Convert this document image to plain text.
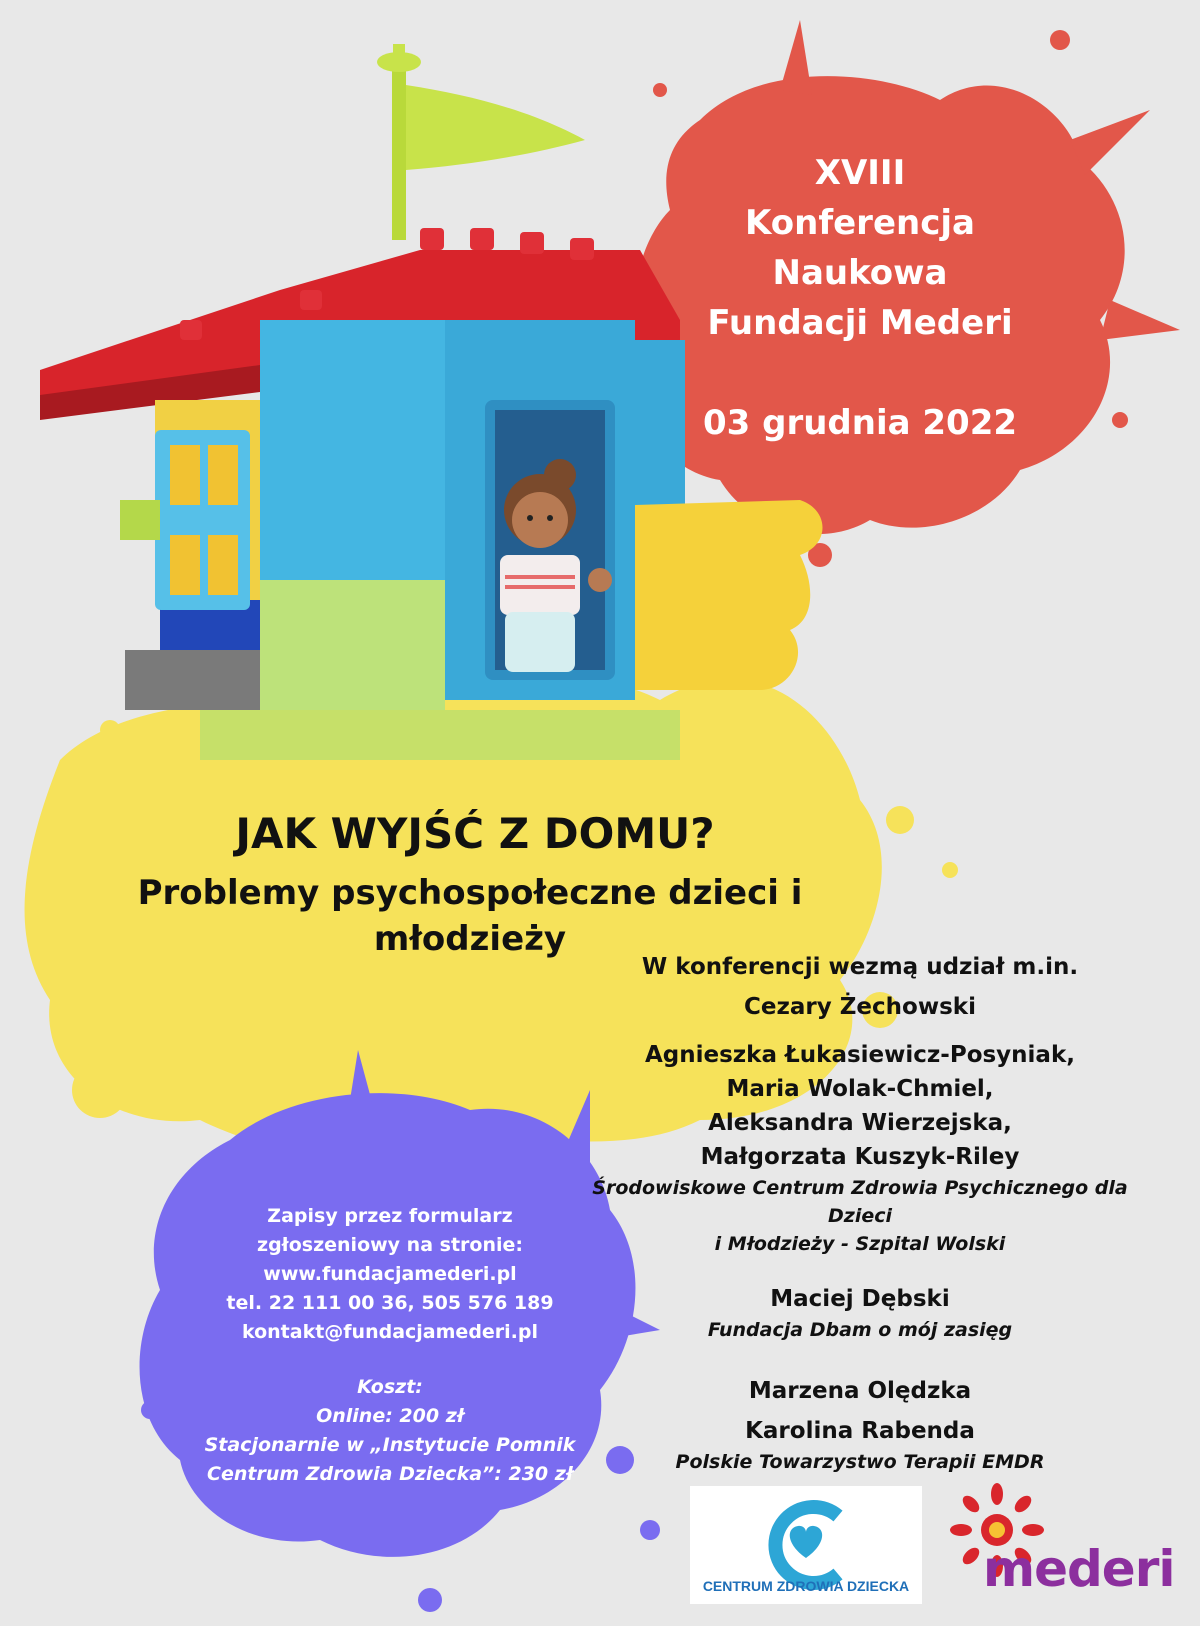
XVIII
Konferencja Naukowa
Fundacji Mederi
03 grudnia 2022
JAK WYJŚĆ Z DOMU?
Problemy psychospołeczne dzieci i młodzieży
W konferencji wezmą udział m.in.
Cezary Żechowski
Agnieszka Łukasiewicz-Posyniak,
Maria Wolak-Chmiel,
Aleksandra Wierzejska,
Małgorzata Kuszyk-Riley
Środowiskowe Centrum Zdrowia Psychicznego dla Dzieci
i Młodzieży - Szpital Wolski
Maciej Dębski
Fundacja Dbam o mój zasięg
Marzena Olędzka
Karolina Rabenda
Polskie Towarzystwo Terapii EMDR
Zapisy przez formularz
zgłoszeniowy na stronie:
www.fundacjamederi.pl
tel. 22 111 00 36, 505 576 189
kontakt@fundacjamederi.pl
Koszt:
Online: 200 zł
Stacjonarnie w „Instytucie Pomnik
Centrum Zdrowia Dziecka”: 230 zł
CENTRUM ZDROWIA DZIECKA mederi
